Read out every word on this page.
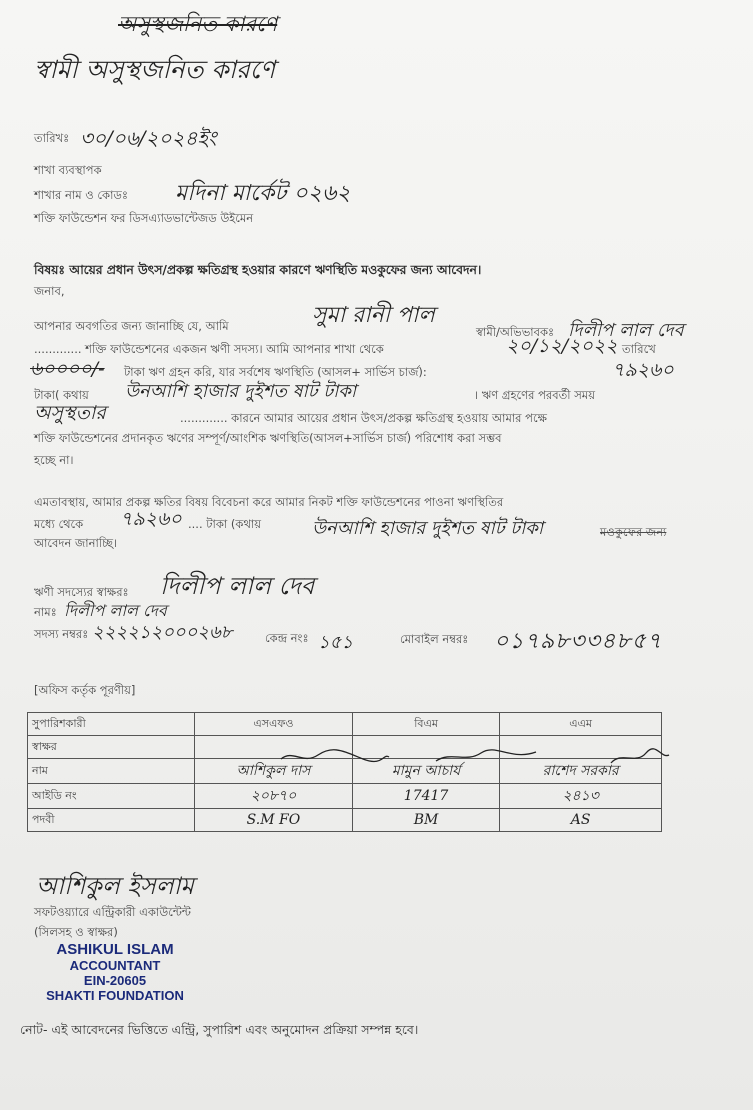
অসুস্থজনিত কারণে
স্বামী অসুস্থজনিত কারণে
তারিখঃ ৩০/০৬/২০২৪ইং
শাখা ব্যবস্থাপক
শাখার নাম ও কোডঃ মদিনা মার্কেট ০২৬২
শক্তি ফাউন্ডেশন ফর ডিসএ্যাডভান্টেজড উইমেন
বিষয়ঃ আয়ের প্রধান উৎস/প্রকল্প ক্ষতিগ্রস্থ হওয়ার কারণে ঋণস্থিতি মওকুফের জন্য আবেদন।
জনাব,
আপনার অবগতির জন্য জানাচ্ছি যে, আমি	সুমা রানী পাল
স্বামী/অভিভাবকঃ দিলীপ লাল দেব
............. শক্তি ফাউন্ডেশনের একজন ঋণী সদস্য। আমি আপনার শাখা থেকে	২০/১২/২০২২ তারিখে
৬০০০০/- টাকা ঋণ গ্রহন করি, যার সর্বশেষ ঋণস্থিতি (আসল+ সার্ভিস চার্জ):	৭৯২৬০
টাকা( কথায় উনআশি হাজার দুইশত ষাট টাকা	। ঋণ গ্রহণের পরবর্তী সময়
অসুস্থতার	............. কারনে আমার আয়ের প্রধান উৎস/প্রকল্প ক্ষতিগ্রস্থ হওয়ায় আমার পক্ষে
শক্তি ফাউন্ডেশনের প্রদানকৃত ঋণের সম্পূর্ণ/আংশিক ঋণস্থিতি(আসল+সার্ভিস চার্জ) পরিশোধ করা সম্ভব
হচ্ছে না।
এমতাবস্থায়, আমার প্রকল্প ক্ষতির বিষয় বিবেচনা করে আমার নিকট শক্তি ফাউন্ডেশনের পাওনা ঋণস্থিতির
মধ্যে থেকে ৭৯২৬০ .... টাকা (কথায়	উনআশি হাজার দুইশত ষাট টাকা	মওকুফের জন্য
আবেদন জানাচ্ছি।
ঋণী সদস্যের স্বাক্ষরঃ দিলীপ লাল দেব
নামঃ দিলীপ লাল দেব
সদস্য নম্বরঃ ২২২২১২০০০২৬৮	কেন্দ্র নংঃ ১৫১	মোবাইল নম্বরঃ ০১৭৯৮৩৩৪৮৫৭
[অফিস কর্তৃক পূরণীয়]
সুপারিশকারী	এসএফও	বিএম	এএম
স্বাক্ষর	

নাম	আশিকুল দাস	মামুন আচার্য	রাশেদ সরকার
আইডি নং	২০৮৭০	17417	২৪১৩
পদবী	S.M FO	BM	AS
আশিকুল ইসলাম
সফটওয়্যারে এন্ট্রিকারী একাউন্টেন্ট
(সিলসহ ও স্বাক্ষর)
ASHIKUL ISLAM
ACCOUNTANT
EIN-20605
SHAKTI FOUNDATION
নোট- এই আবেদনের ভিত্তিতে এন্ট্রি, সুপারিশ এবং অনুমোদন প্রক্রিয়া সম্পন্ন হবে।
